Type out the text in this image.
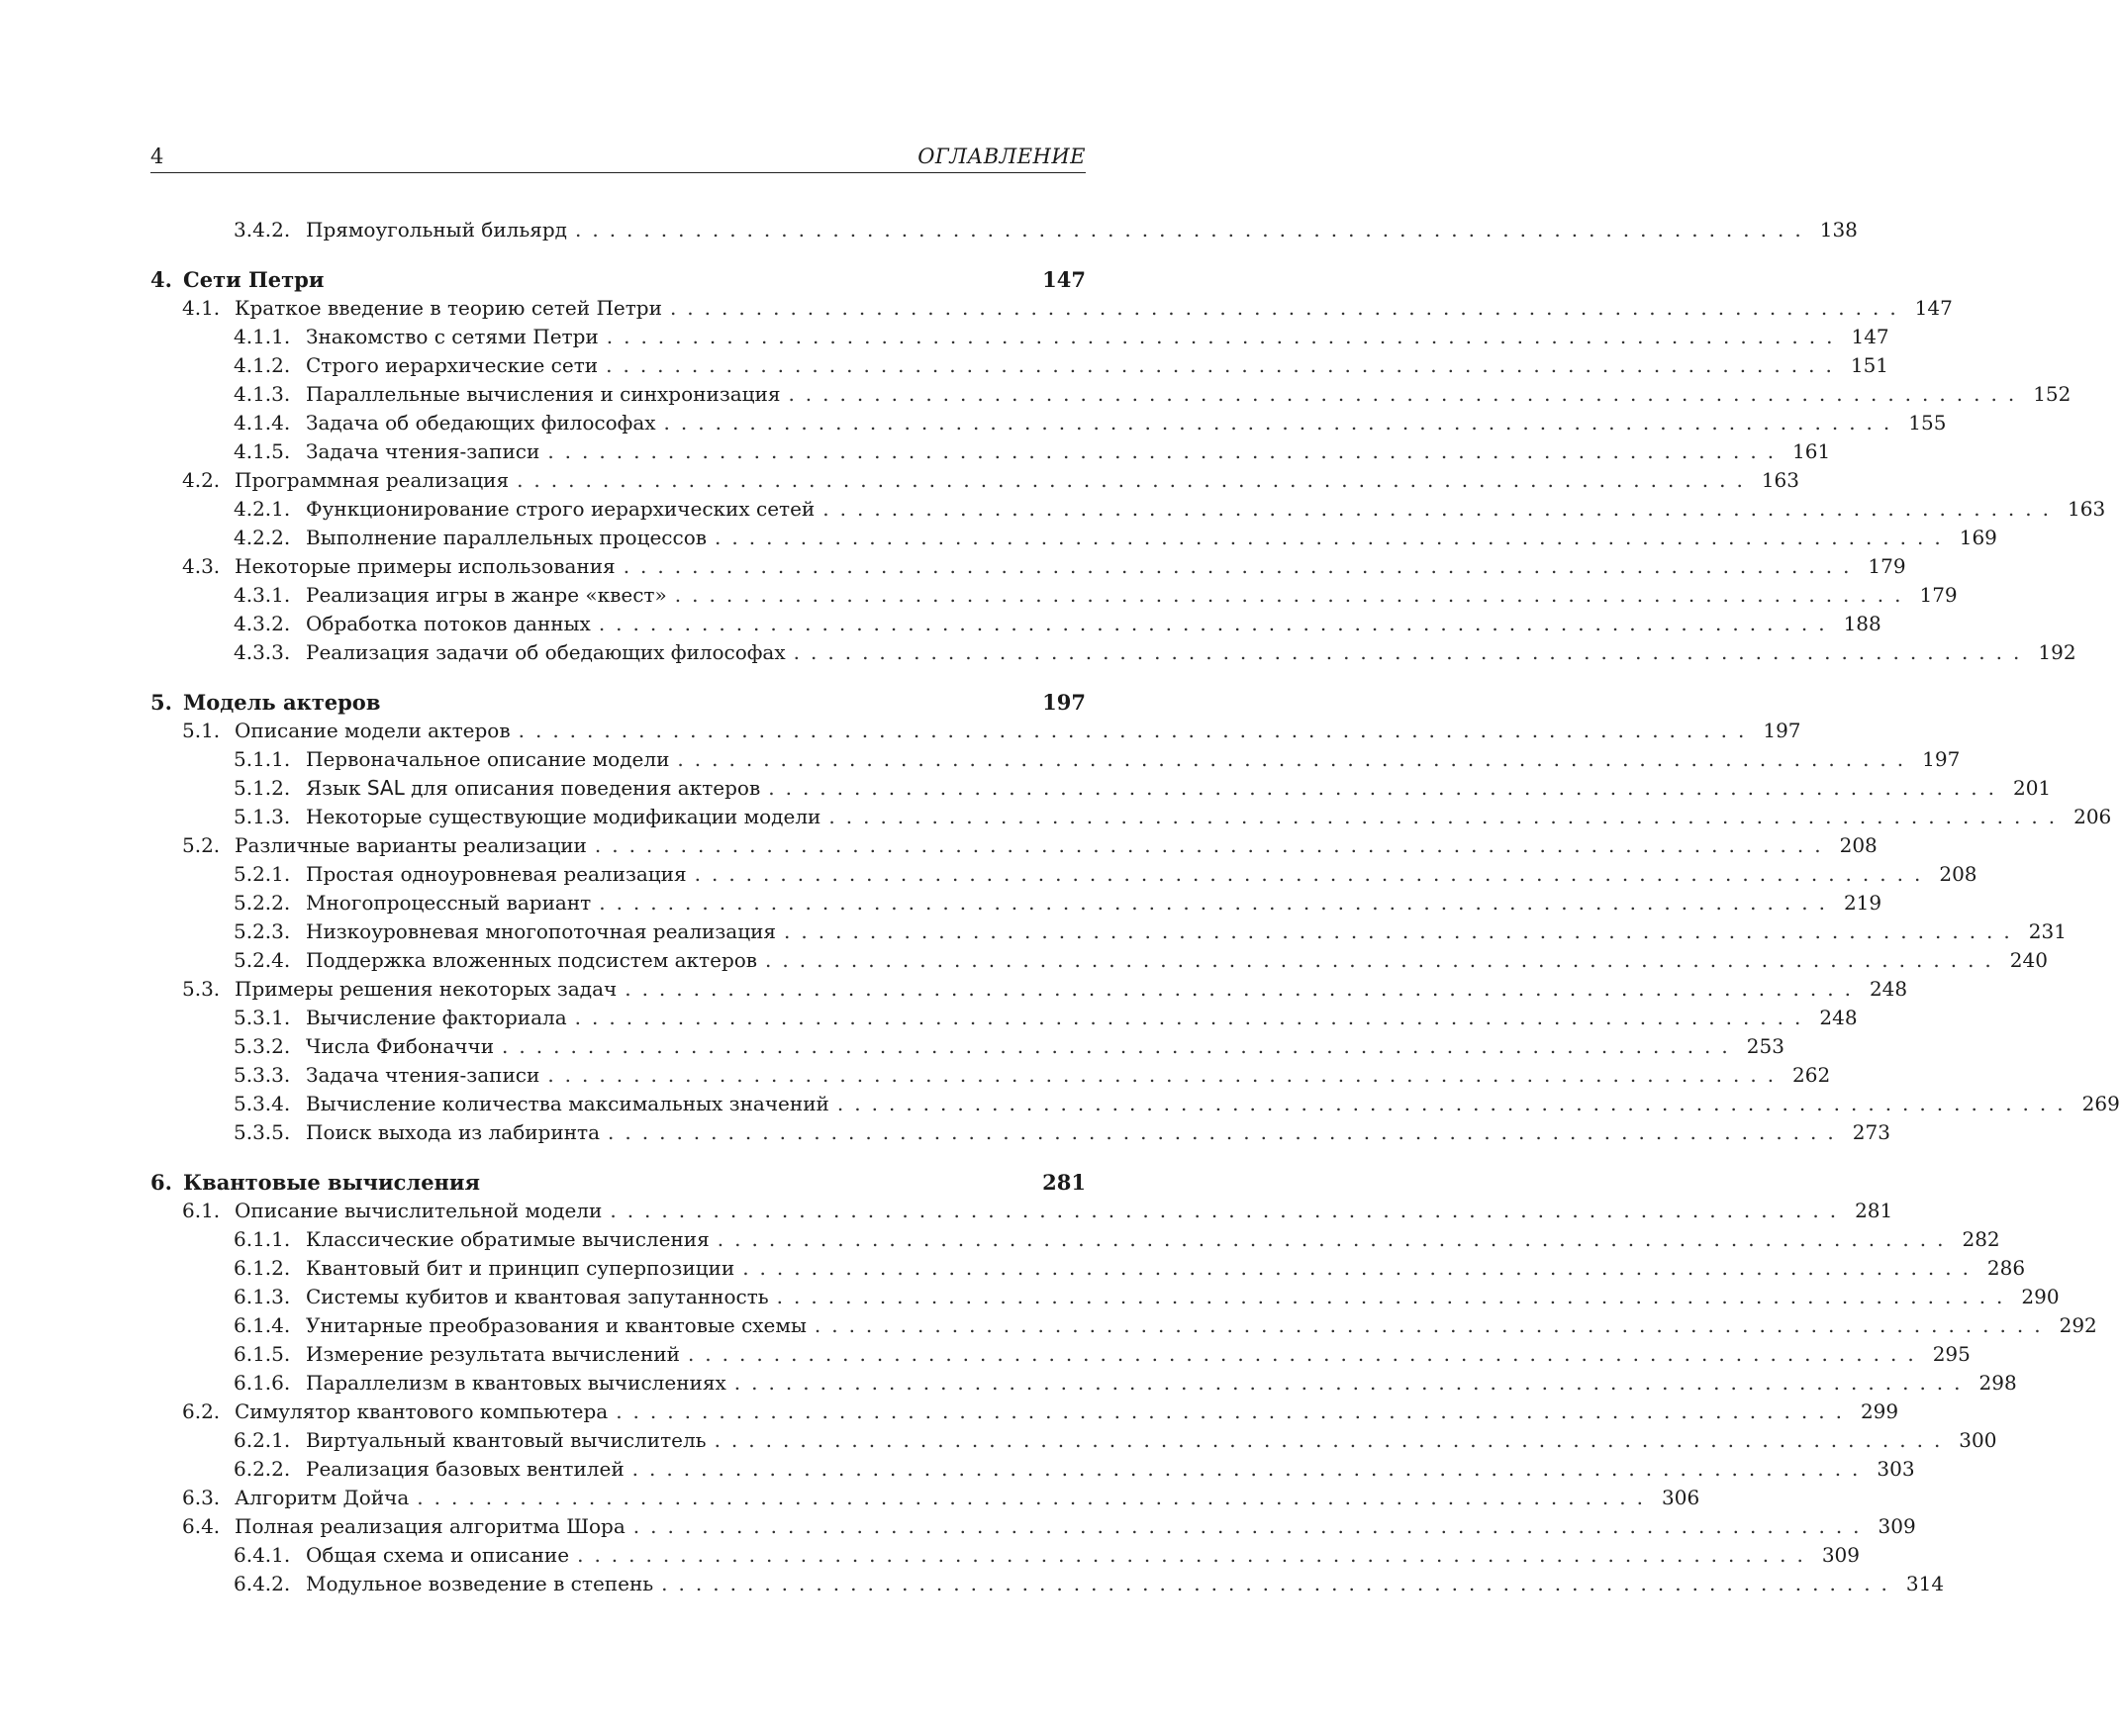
4	ОГЛАВЛЕНИЕ
3.4.2. Прямоугольный бильярд ........................................................................ 138
4. Сети Петри	147
4.1. Краткое введение в теорию сетей Петри ........................................................................ 147
4.1.1. Знакомство с сетями Петри ........................................................................ 147
4.1.2. Строго иерархические сети ........................................................................ 151
4.1.3. Параллельные вычисления и синхронизация ........................................................................ 152
4.1.4. Задача об обедающих философах ........................................................................ 155
4.1.5. Задача чтения-записи ........................................................................ 161
4.2. Программная реализация ........................................................................ 163
4.2.1. Функционирование строго иерархических сетей ........................................................................ 163
4.2.2. Выполнение параллельных процессов ........................................................................ 169
4.3. Некоторые примеры использования ........................................................................ 179
4.3.1. Реализация игры в жанре «квест» ........................................................................ 179
4.3.2. Обработка потоков данных ........................................................................ 188
4.3.3. Реализация задачи об обедающих философах ........................................................................ 192
5. Модель актеров	197
5.1. Описание модели актеров ........................................................................ 197
5.1.1. Первоначальное описание модели ........................................................................ 197
5.1.2. Язык SAL для описания поведения актеров ........................................................................ 201
5.1.3. Некоторые существующие модификации модели ........................................................................ 206
5.2. Различные варианты реализации ........................................................................ 208
5.2.1. Простая одноуровневая реализация ........................................................................ 208
5.2.2. Многопроцессный вариант ........................................................................ 219
5.2.3. Низкоуровневая многопоточная реализация ........................................................................ 231
5.2.4. Поддержка вложенных подсистем актеров ........................................................................ 240
5.3. Примеры решения некоторых задач ........................................................................ 248
5.3.1. Вычисление факториала ........................................................................ 248
5.3.2. Числа Фибоначчи ........................................................................ 253
5.3.3. Задача чтения-записи ........................................................................ 262
5.3.4. Вычисление количества максимальных значений ........................................................................ 269
5.3.5. Поиск выхода из лабиринта ........................................................................ 273
6. Квантовые вычисления	281
6.1. Описание вычислительной модели ........................................................................ 281
6.1.1. Классические обратимые вычисления ........................................................................ 282
6.1.2. Квантовый бит и принцип суперпозиции ........................................................................ 286
6.1.3. Системы кубитов и квантовая запутанность ........................................................................ 290
6.1.4. Унитарные преобразования и квантовые схемы ........................................................................ 292
6.1.5. Измерение результата вычислений ........................................................................ 295
6.1.6. Параллелизм в квантовых вычислениях ........................................................................ 298
6.2. Симулятор квантового компьютера ........................................................................ 299
6.2.1. Виртуальный квантовый вычислитель ........................................................................ 300
6.2.2. Реализация базовых вентилей ........................................................................ 303
6.3. Алгоритм Дойча ........................................................................ 306
6.4. Полная реализация алгоритма Шора ........................................................................ 309
6.4.1. Общая схема и описание ........................................................................ 309
6.4.2. Модульное возведение в степень ........................................................................ 314
